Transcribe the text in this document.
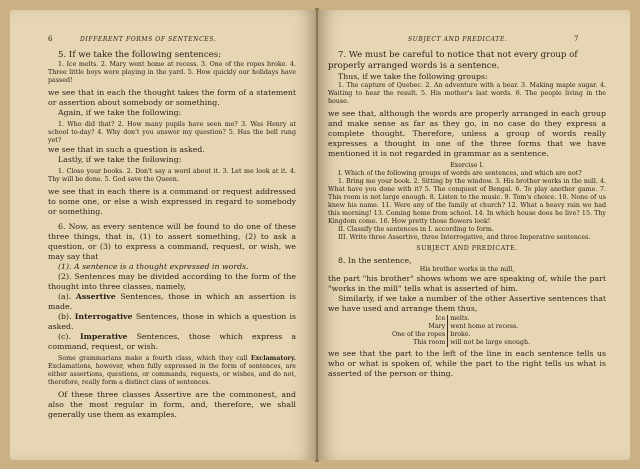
6	DIFFERENT FORMS OF SENTENCES.

5. If we take the following sentences:

1. Ice melts. 2. Mary went home at recess. 3. One of the ropes broke. 4. Three little boys were playing in the yard. 5. How quickly our holidays have passed!

we see that in each the thought takes the form of a statement or assertion about somebody or something.

Again, if we take the following:

1. Who did that? 2. How many pupils have seen me? 3. Was Henry at school to-day? 4. Why don't you answer my question? 5. Has the bell rung yet?

we see that in such a question is asked.

Lastly, if we take the following:

1. Close your books. 2. Don't say a word about it. 3. Let me look at it. 4. Thy will be done. 5. God save the Queen.

we see that in each there is a command or request addressed to some one, or else a wish expressed in regard to somebody or something.

6. Now, as every sentence will be found to do one of these three things, that is, (1) to assert something, (2) to ask a question, or (3) to express a command, request, or wish, we may say that

(1). A sentence is a thought expressed in words.

(2). Sentences may be divided according to the form of the thought into three classes, namely,

(a). Assertive Sentences, those in which an assertion is made.

(b). Interrogative Sentences, those in which a question is asked.

(c). Imperative Sentences, those which express a command, request, or wish.

Some grammarians make a fourth class, which they call Exclamatory. Exclamations, however, when fully expressed in the form of sentences, are either assertions, questions, or commands, requests, or wishes, and do not, therefore, really form a distinct class of sentences.

Of these three classes Assertive are the commonest, and also the most regular in form, and, therefore, we shall generally use them as examples.

SUBJECT AND PREDICATE.	7

7. We must be careful to notice that not every group of properly arranged words is a sentence.

Thus, if we take the following groups:

1. The capture of Quebec. 2. An adventure with a bear. 3. Making maple sugar. 4. Waiting to hear the result. 5. His mother's last words. 6. The people living in the house.

we see that, although the words are properly arranged in each group and make sense as far as they go, in no case do they express a complete thought. Therefore, unless a group of words really expresses a thought in one of the three forms that we have mentioned it is not regarded in grammar as a sentence.

Exercise I.

I. Which of the following groups of words are sentences, and which are not?

1. Bring me your book. 2. Sitting by the window. 3. His brother works in the mill. 4. What have you done with it? 5. The conquest of Bengal. 6. To play another game. 7. This room is not large enough. 8. Listen to the music. 9. Tom's choice. 10. None of us knew his name. 11. Were any of the family at church? 12. What a heavy rain we had this morning! 13. Coming home from school. 14. In which house does he live? 15. Thy Kingdom come. 16. How pretty those flowers look!

II. Classify the sentences in I. according to form.

III. Write three Assertive, three Interrogative, and three Imperative sentences.

SUBJECT AND PREDICATE.

8. In the sentence,

His brother works in the mill,

the part "his brother" shows whom we are speaking of, while the part "works in the mill" tells what is asserted of him.

Similarly, if we take a number of the other Assertive sentences that we have used and arrange them thus,

Ice	melts.
Mary	went home at recess.
One of the ropes	broke.
This room	will not be large enough.

we see that the part to the left of the line in each sentence tells us who or what is spoken of, while the part to the right tells us what is asserted of the person or thing.
